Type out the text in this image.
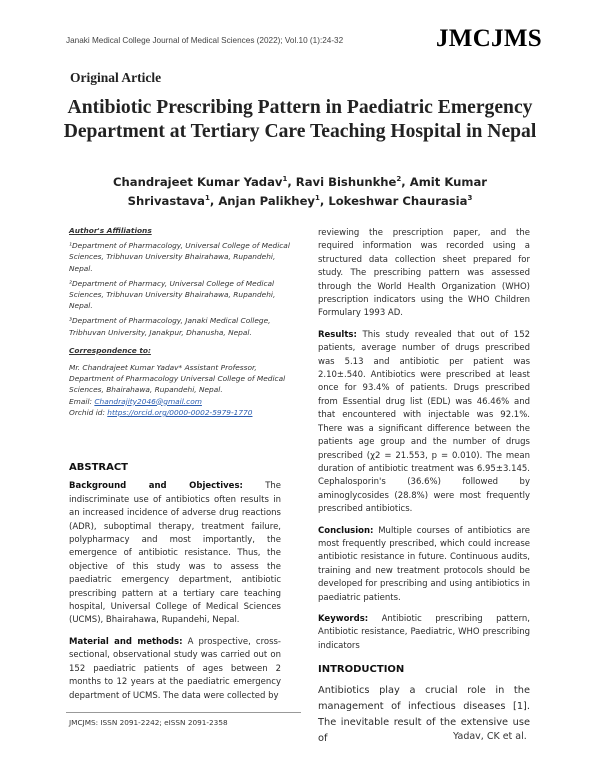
Janaki Medical College Journal of Medical Sciences (2022); Vol.10 (1):24-32	JMCJMS
Original Article
Antibiotic Prescribing Pattern in Paediatric Emergency Department at Tertiary Care Teaching Hospital in Nepal
Chandrajeet Kumar Yadav$^1$, Ravi Bishunkhe$^2$, Amit Kumar Shrivastava$^1$, Anjan Palikhey$^1$, Lokeshwar Chaurasia$^3$

Author's Affiliations

¹Department of Pharmacology, Universal College of Medical Sciences, Tribhuvan University Bhairahawa, Rupandehi, Nepal.

²Department of Pharmacy, Universal College of Medical Sciences, Tribhuvan University Bhairahawa, Rupandehi, Nepal.

³Department of Pharmacology, Janaki Medical College, Tribhuvan University, Janakpur, Dhanusha, Nepal.

Correspondence to:

Mr. Chandrajeet Kumar Yadav* Assistant Professor, Department of Pharmacology Universal College of Medical Sciences, Bhairahawa, Rupandehi, Nepal.

Email: Chandrajity2046@gmail.com

Orchid id: https://orcid.org/0000-0002-5979-1770

ABSTRACT

Background and Objectives:	The indiscriminate use of antibiotics often results in an increased incidence of adverse drug reactions (ADR), suboptimal therapy, treatment failure, polypharmacy and most importantly, the emergence of antibiotic resistance. Thus, the objective of this study was to assess the paediatric emergency department, antibiotic prescribing pattern at a tertiary care teaching hospital, Universal College of Medical Sciences (UCMS), Bhairahawa, Rupandehi, Nepal.

Material and methods: A prospective, cross-sectional, observational study was carried out on 152 paediatric patients of ages between 2 months to 12 years at the paediatric emergency department of UCMS. The data were collected by

reviewing the prescription paper, and the required information was recorded using a structured data collection sheet prepared for study. The prescribing pattern was assessed through the World Health Organization (WHO) prescription indicators using the WHO Children Formulary 1993 AD.

Results: This study revealed that out of 152 patients, average number of drugs prescribed was 5.13 and antibiotic per patient was 2.10±.540. Antibiotics were prescribed at least once for 93.4% of patients. Drugs prescribed from Essential drug list (EDL) was 46.46% and that encountered with injectable was 92.1%. There was a significant difference between the patients age group and the number of drugs prescribed (χ2 = 21.553, p = 0.010). The mean duration of antibiotic treatment was 6.95±3.145. Cephalosporin's (36.6%) followed by aminoglycosides (28.8%) were most frequently prescribed antibiotics.

Conclusion: Multiple courses of antibiotics are most frequently prescribed, which could increase antibiotic resistance in future. Continuous audits, training and new treatment protocols should be developed for prescribing and using antibiotics in paediatric patients.

Keywords: Antibiotic prescribing pattern, Antibiotic resistance, Paediatric, WHO prescribing indicators

INTRODUCTION

Antibiotics play a crucial role in the management of infectious diseases [1]. The inevitable result of the extensive use of

JMCJMS: ISSN 2091-2242; eISSN 2091-2358
Yadav, CK et al.
